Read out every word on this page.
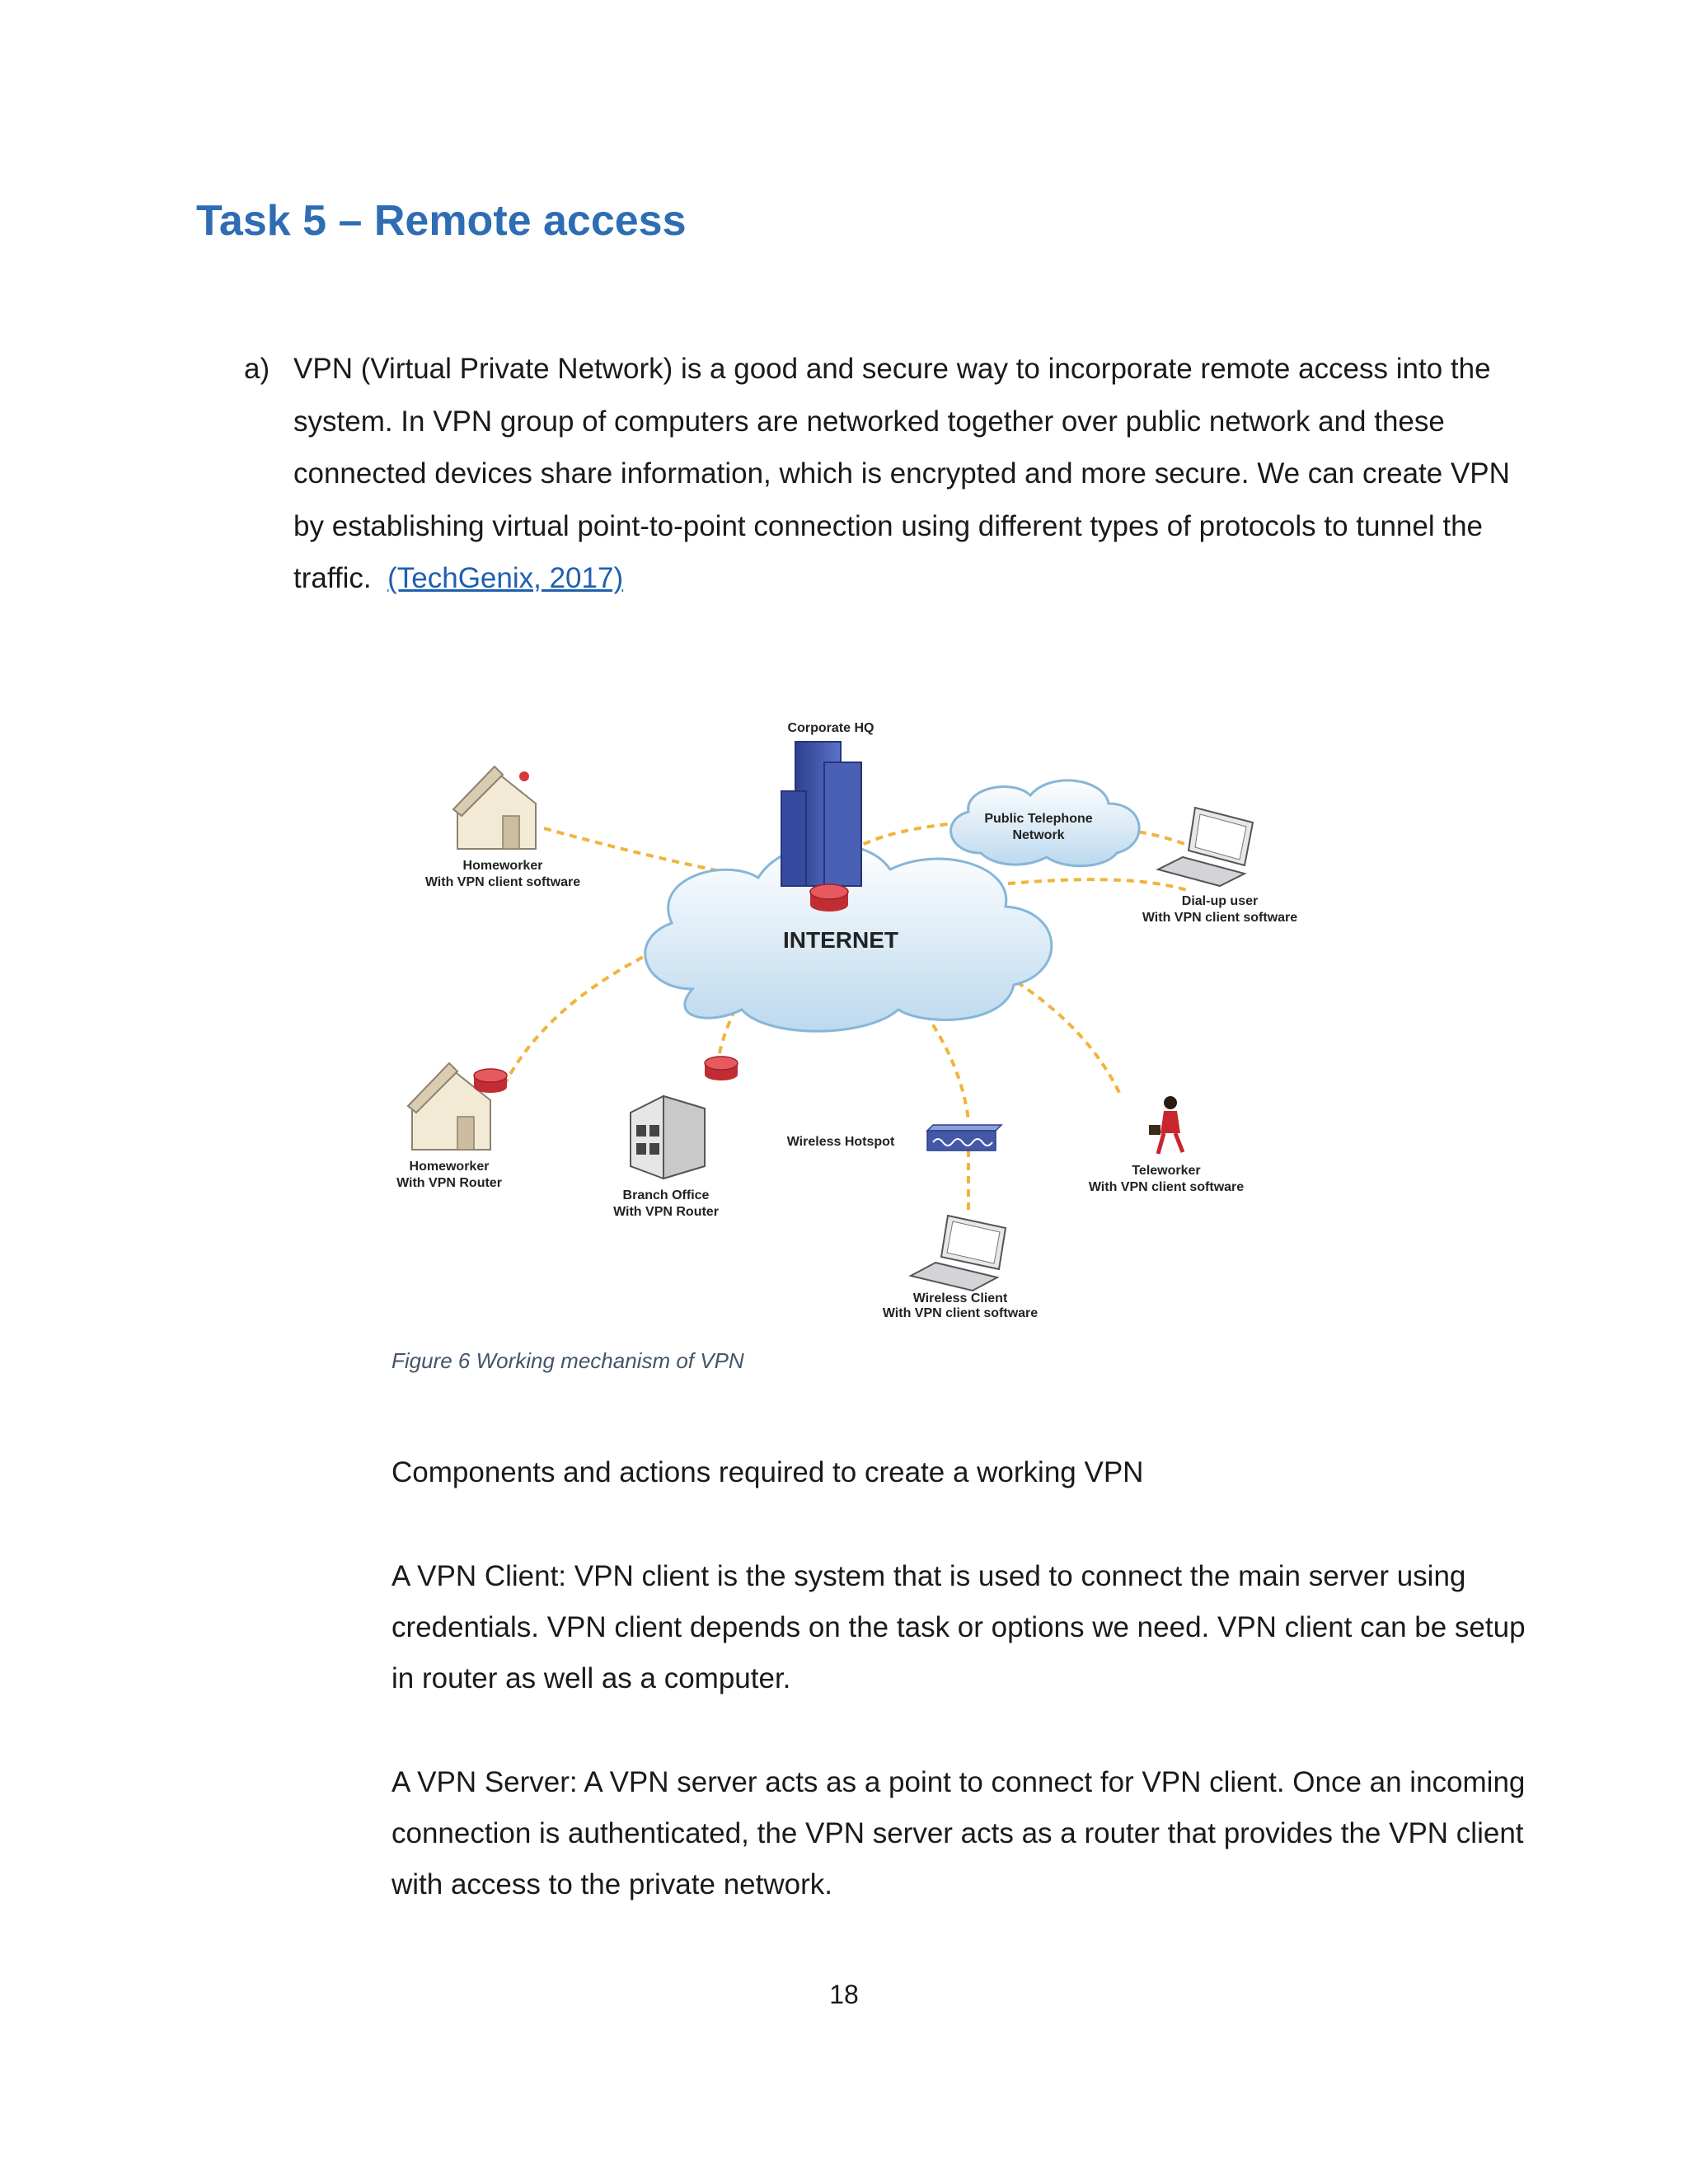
Task 5 – Remote access
a) VPN (Virtual Private Network) is a good and secure way to incorporate remote access into the system. In VPN group of computers are networked together over public network and these connected devices share information, which is encrypted and more secure. We can create VPN by establishing virtual point-to-point connection using different types of protocols to tunnel the traffic. (TechGenix, 2017)
INTERNET
Public Telephone
Network
Corporate HQ
Homeworker
With VPN client software
Dial-up user
With VPN client software
Homeworker
With VPN Router
Branch Office
With VPN Router
Wireless Hotspot
Teleworker
With VPN client software
Wireless Client
With VPN client software
Figure 6 Working mechanism of VPN

Components and actions required to create a working VPN

A VPN Client: VPN client is the system that is used to connect the main server using credentials. VPN client depends on the task or options we need. VPN client can be setup in router as well as a computer.

A VPN Server: A VPN server acts as a point to connect for VPN client. Once an incoming connection is authenticated, the VPN server acts as a router that provides the VPN client with access to the private network.

18
